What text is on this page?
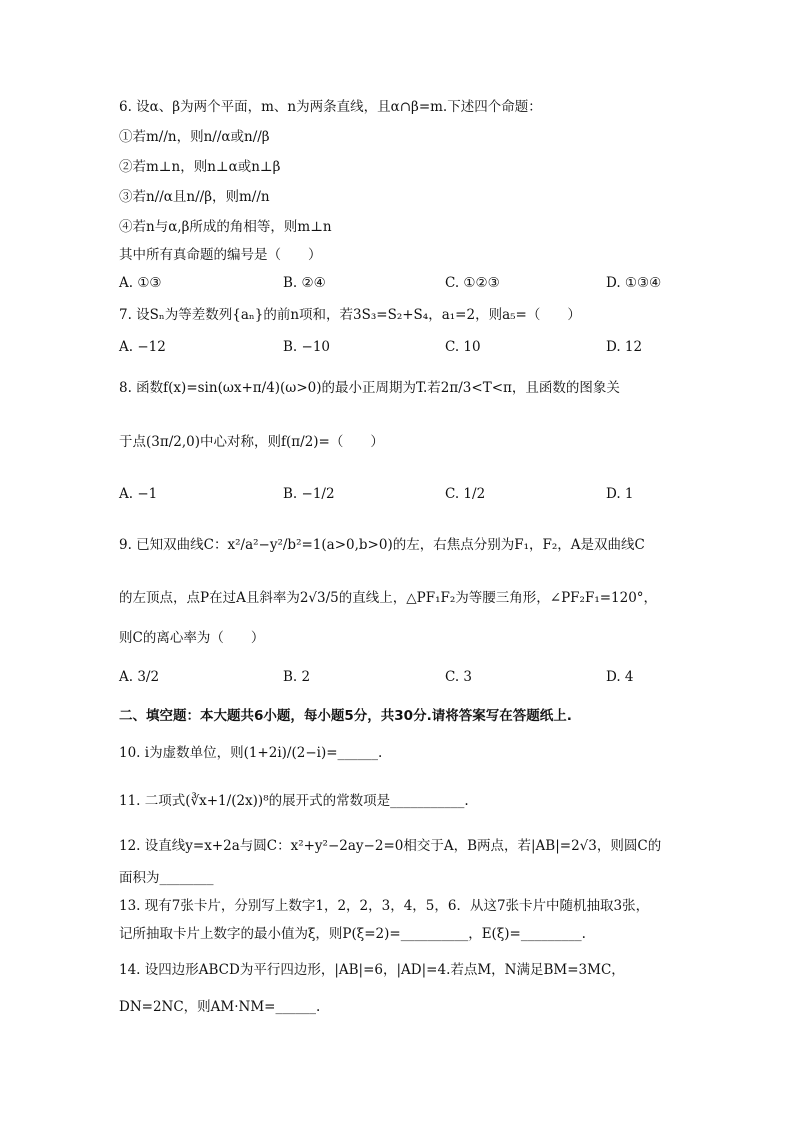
6. 设α、β为两个平面，m、n为两条直线，且α∩β=m.下述四个命题：
①若m//n，则n//α或n//β
②若m⊥n，则n⊥α或n⊥β
③若n//α且n//β，则m//n
④若n与α,β所成的角相等，则m⊥n
其中所有真命题的编号是（　　）
A. ①③	B. ②④	C. ①②③	D. ①③④
7. 设Sₙ为等差数列{aₙ}的前n项和，若3S₃=S₂+S₄，a₁=2，则a₅=（　　）
A. −12	B. −10	C. 10	D. 12
8. 函数f(x)=sin(ωx+π/4)(ω>0)的最小正周期为T.若2π/3<T<π，且函数的图象关
于点(3π/2,0)中心对称，则f(π/2)=（　　）
A. −1	B. −1/2	C. 1/2	D. 1
9. 已知双曲线C：x²/a²−y²/b²=1(a>0,b>0)的左，右焦点分别为F₁，F₂，A是双曲线C
的左顶点，点P在过A且斜率为2√3/5的直线上，△PF₁F₂为等腰三角形，∠PF₂F₁=120°，
则C的离心率为（　　）
A. 3/2	B. 2	C. 3	D. 4
二、填空题：本大题共6小题，每小题5分，共30分.请将答案写在答题纸上.
10. i为虚数单位，则(1+2i)/(2−i)=______.
11. 二项式(∛x+1/(2x))⁸的展开式的常数项是___________.
12. 设直线y=x+2a与圆C：x²+y²−2ay−2=0相交于A，B两点，若|AB|=2√3，则圆C的
面积为________
13. 现有7张卡片，分别写上数字1，2，2，3，4，5，6．从这7张卡片中随机抽取3张，
记所抽取卡片上数字的最小值为ξ，则P(ξ=2)=__________，E(ξ)=_________.
14. 设四边形ABCD为平行四边形，|AB|=6，|AD|=4.若点M，N满足BM=3MC，
DN=2NC，则AM·NM=______.
